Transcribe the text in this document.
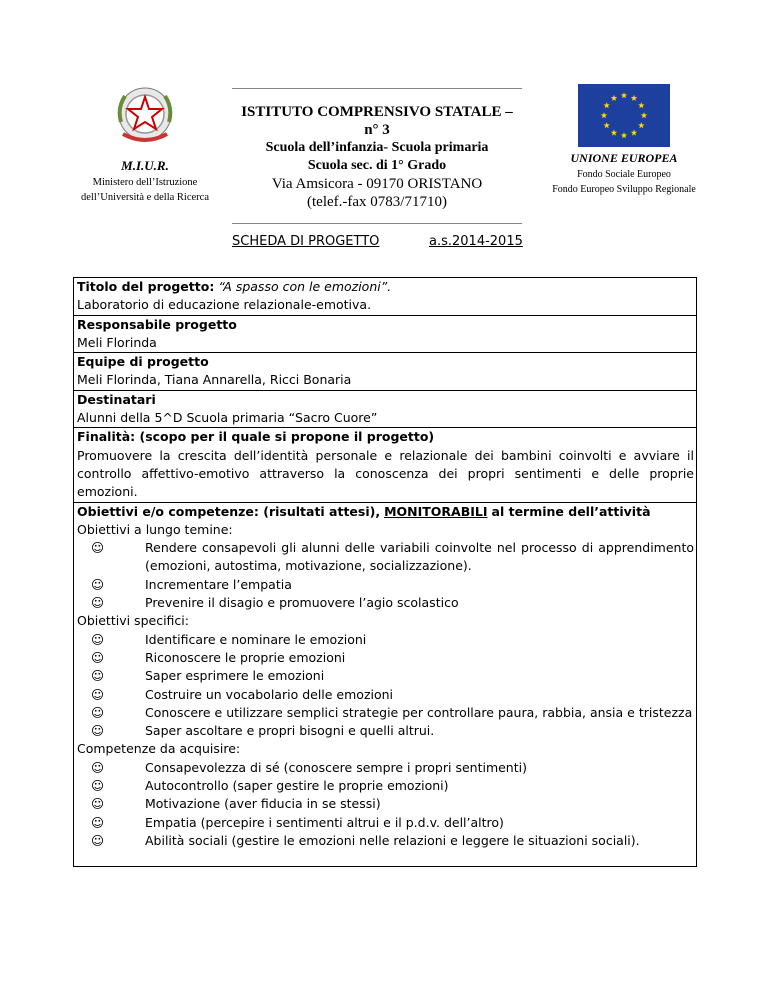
M.I.U.R.
Ministero dell’Istruzione
dell’Università e della Ricerca
ISTITUTO COMPRENSIVO STATALE –
n° 3
Scuola dell’infanzia- Scuola primaria
Scuola sec. di 1° Grado
Via Amsicora - 09170 ORISTANO
(telef.-fax 0783/71710)
UNIONE EUROPEA
Fondo Sociale Europeo
Fondo Europeo Sviluppo Regionale
SCHEDA DI PROGETTO	a.s.2014-2015
Titolo del progetto: “A spasso con le emozioni”.
Laboratorio di educazione relazionale-emotiva.
Responsabile progetto
Meli Florinda
Equipe di progetto
Meli Florinda, Tiana Annarella, Ricci Bonaria
Destinatari
Alunni della 5^D Scuola primaria “Sacro Cuore”
Finalità: (scopo per il quale si propone il progetto)
Promuovere la crescita dell’identità personale e relazionale dei bambini coinvolti e avviare il controllo affettivo-emotivo attraverso la conoscenza dei propri sentimenti e delle proprie emozioni.
Obiettivi e/o competenze: (risultati attesi), MONITORABILI al termine dell’attività
Obiettivi a lungo temine:
☺	Rendere consapevoli gli alunni delle variabili coinvolte nel processo di apprendimento (emozioni, autostima, motivazione, socializzazione).
☺	Incrementare l’empatia
☺	Prevenire il disagio e promuovere l’agio scolastico
Obiettivi specifici:
☺	Identificare e nominare le emozioni
☺	Riconoscere le proprie emozioni
☺	Saper esprimere le emozioni
☺	Costruire un vocabolario delle emozioni
☺	Conoscere e utilizzare semplici strategie per controllare paura, rabbia, ansia e tristezza
☺	Saper ascoltare e propri bisogni e quelli altrui.
Competenze da acquisire:
☺	Consapevolezza di sé (conoscere sempre i propri sentimenti)
☺	Autocontrollo (saper gestire le proprie emozioni)
☺	Motivazione (aver fiducia in se stessi)
☺	Empatia (percepire i sentimenti altrui e il p.d.v. dell’altro)
☺	Abilità sociali (gestire le emozioni nelle relazioni e leggere le situazioni sociali).
